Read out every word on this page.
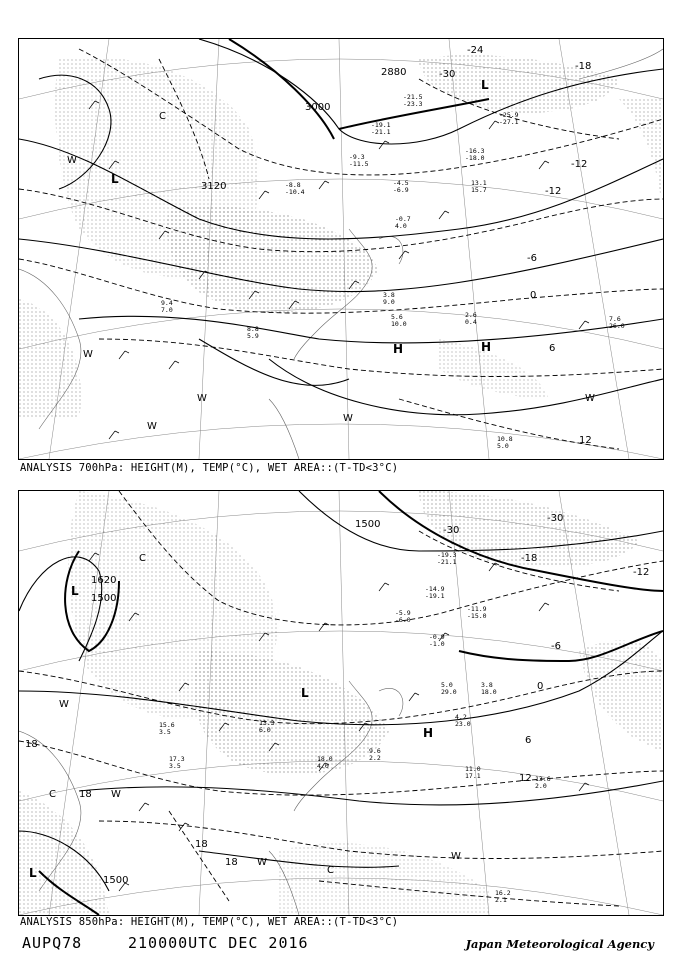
3000
3120
2880
-18
-12
-6
0
6
12
-12
-24
-30
L
L
H	H
C
W
W
W
W
W
W
-25.9
-27.1
-21.5
-23.3
-19.1
-21.1
-16.3
-18.0
-9.3
-11.5
-4.5
-6.9
-0.7
4.0
3.8
9.0
5.6
10.0
2.6
0.4	7.6
26.0
9.4
7.0
8.8
5.9
10.8
5.0
13.1
15.7
-8.8
-10.4
ANALYSIS 700hPa: HEIGHT(M), TEMP(°C), WET AREA::(T-TD<3°C)
1500
1500
1500
1620
-18
-12
-6
0
6
12
18
18
18
18
-30
-30
L
L
L
H
C
C
C
W
W
W
W
-19.3
-21.1
-14.9
-19.1
-11.9
-15.0
-5.9
-6.0
-0.9
-1.0
5.0
29.0
4.2
23.0
11.0
17.1	13.6
2.0
16.2
2.1
9.6
2.2
15.6
3.5
17.3
3.5
18.0
4.0
13.3
6.0
3.8
18.0
ANALYSIS 850hPa: HEIGHT(M), TEMP(°C), WET AREA::(T-TD<3°C)
AUPQ78	210000UTC DEC 2016	Japan Meteorological Agency
